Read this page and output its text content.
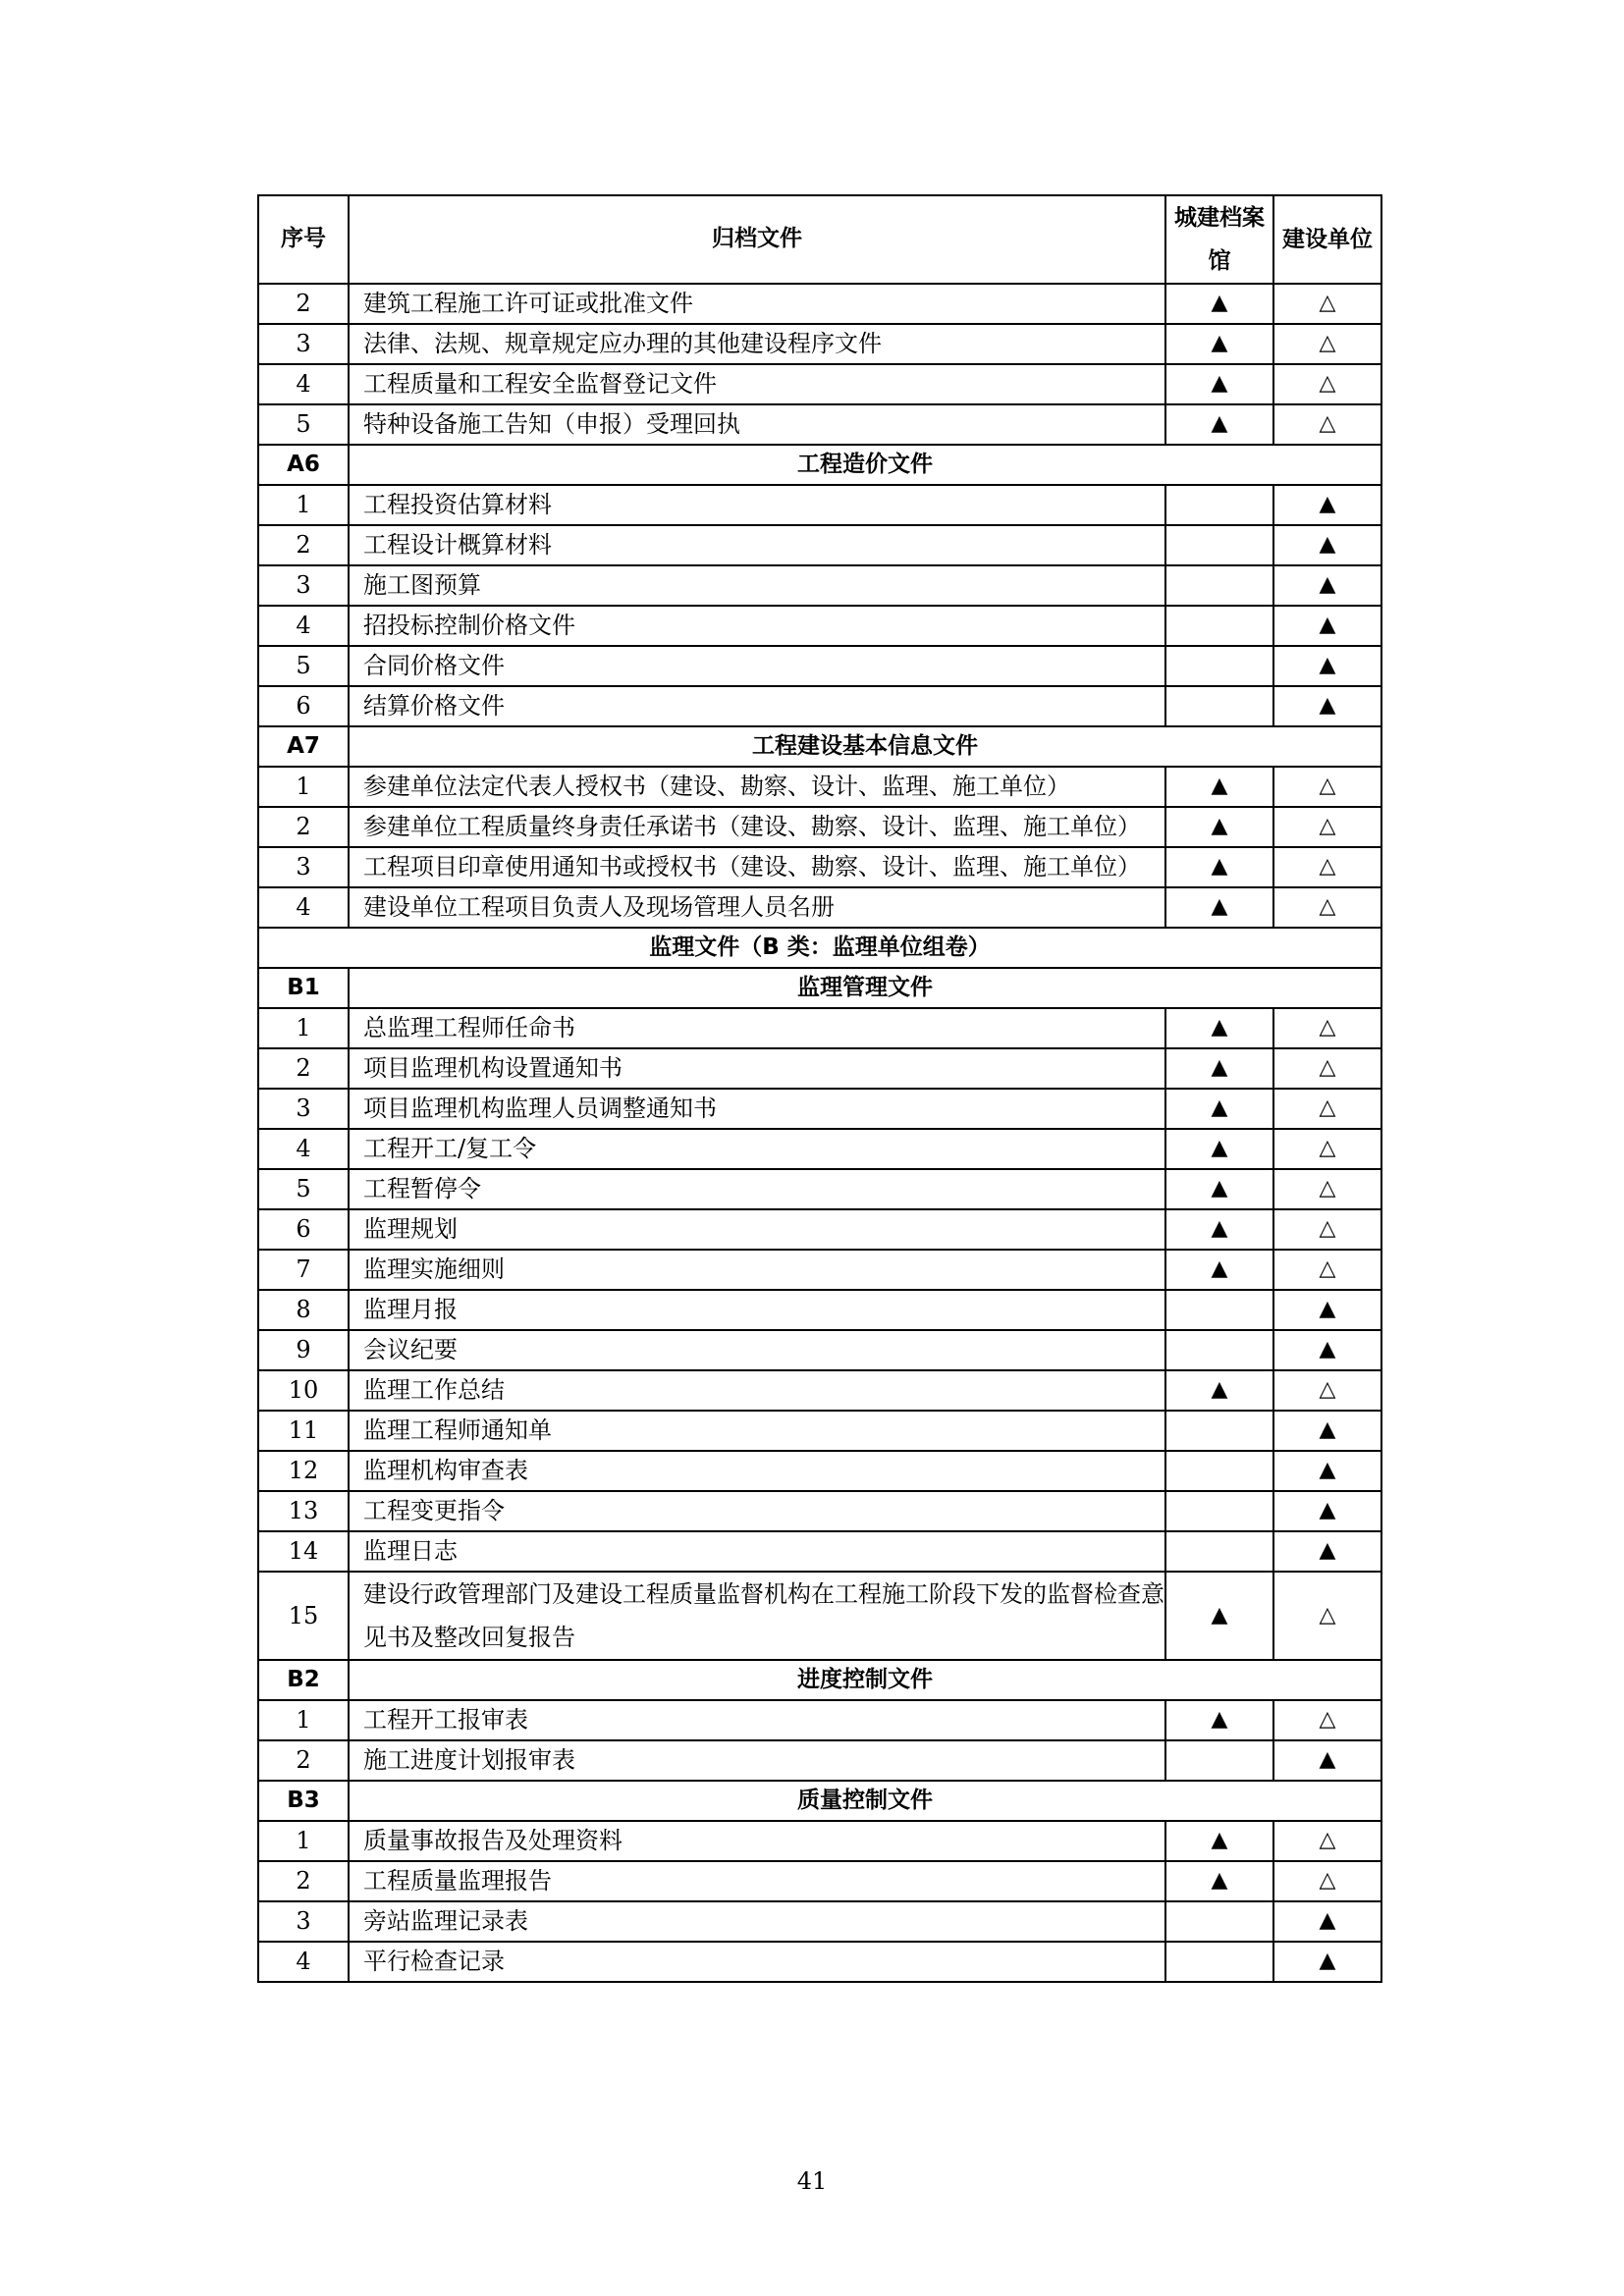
序号	归档文件	城建档案馆	建设单位
2	建筑工程施工许可证或批准文件	▲	△
3	法律、法规、规章规定应办理的其他建设程序文件	▲	△
4	工程质量和工程安全监督登记文件	▲	△
5	特种设备施工告知（申报）受理回执	▲	△
A6	工程造价文件		
1	工程投资估算材料		▲
2	工程设计概算材料		▲
3	施工图预算		▲
4	招投标控制价格文件		▲
5	合同价格文件		▲
6	结算价格文件		▲
A7	工程建设基本信息文件		
1	参建单位法定代表人授权书（建设、勘察、设计、监理、施工单位）	▲	△
2	参建单位工程质量终身责任承诺书（建设、勘察、设计、监理、施工单位）	▲	△
3	工程项目印章使用通知书或授权书（建设、勘察、设计、监理、施工单位）	▲	△
4	建设单位工程项目负责人及现场管理人员名册	▲	△
监理文件（B 类：监理单位组卷）			
B1	监理管理文件		
1	总监理工程师任命书	▲	△
2	项目监理机构设置通知书	▲	△
3	项目监理机构监理人员调整通知书	▲	△
4	工程开工/复工令	▲	△
5	工程暂停令	▲	△
6	监理规划	▲	△
7	监理实施细则	▲	△
8	监理月报		▲
9	会议纪要		▲
10	监理工作总结	▲	△
11	监理工程师通知单		▲
12	监理机构审查表		▲
13	工程变更指令		▲
14	监理日志		▲
15	建设行政管理部门及建设工程质量监督机构在工程施工阶段下发的监督检查意见书及整改回复报告	▲	△
B2	进度控制文件		
1	工程开工报审表	▲	△
2	施工进度计划报审表		▲
B3	质量控制文件		
1	质量事故报告及处理资料	▲	△
2	工程质量监理报告	▲	△
3	旁站监理记录表		▲
4	平行检查记录		▲
41
